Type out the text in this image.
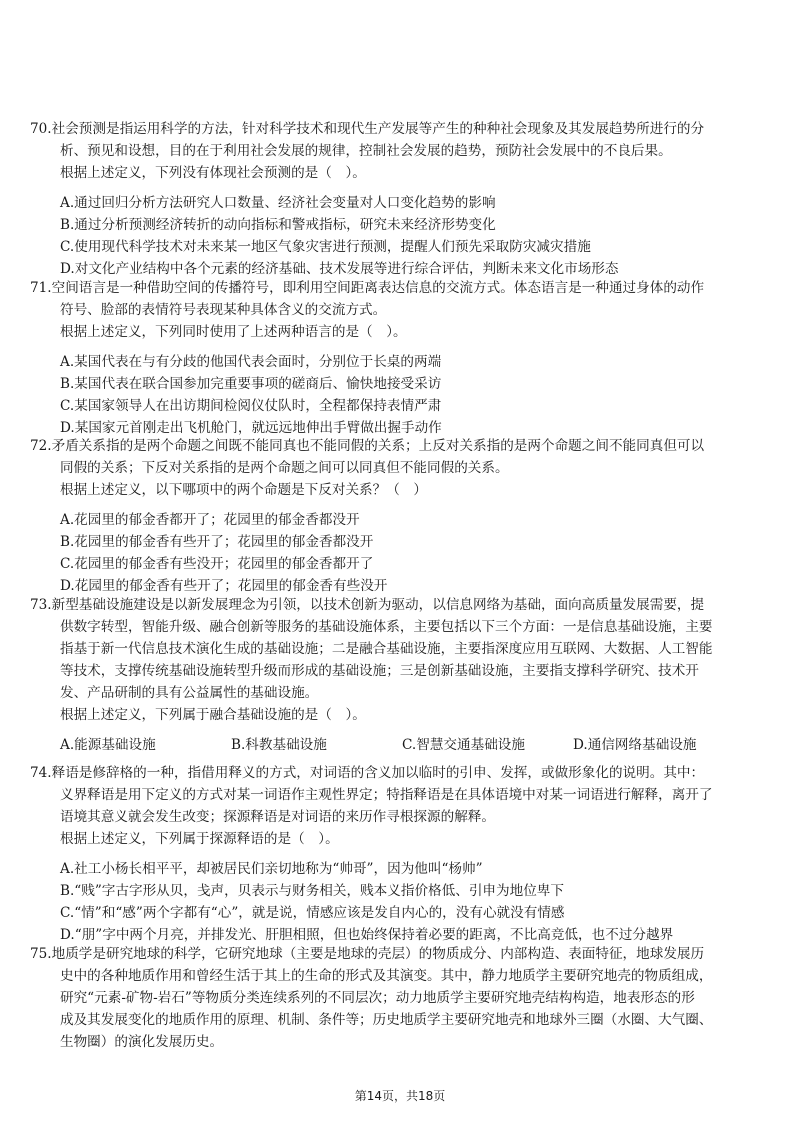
70.社会预测是指运用科学的方法，针对科学技术和现代生产发展等产生的种种社会现象及其发展趋势所进行的分
析、预见和设想，目的在于利用社会发展的规律，控制社会发展的趋势，预防社会发展中的不良后果。
根据上述定义，下列没有体现社会预测的是（　）。
A.通过回归分析方法研究人口数量、经济社会变量对人口变化趋势的影响
B.通过分析预测经济转折的动向指标和警戒指标，研究未来经济形势变化
C.使用现代科学技术对未来某一地区气象灾害进行预测，提醒人们预先采取防灾减灾措施
D.对文化产业结构中各个元素的经济基础、技术发展等进行综合评估，判断未来文化市场形态
71.空间语言是一种借助空间的传播符号，即利用空间距离表达信息的交流方式。体态语言是一种通过身体的动作
符号、脸部的表情符号表现某种具体含义的交流方式。
根据上述定义，下列同时使用了上述两种语言的是（　）。
A.某国代表在与有分歧的他国代表会面时，分别位于长桌的两端
B.某国代表在联合国参加完重要事项的磋商后、愉快地接受采访
C.某国家领导人在出访期间检阅仪仗队时，全程都保持表情严肃
D.某国家元首刚走出飞机舱门，就远远地伸出手臂做出握手动作
72.矛盾关系指的是两个命题之间既不能同真也不能同假的关系；上反对关系指的是两个命题之间不能同真但可以
同假的关系；下反对关系指的是两个命题之间可以同真但不能同假的关系。
根据上述定义，以下哪项中的两个命题是下反对关系？（　）
A.花园里的郁金香都开了；花园里的郁金香都没开
B.花园里的郁金香有些开了；花园里的郁金香都没开
C.花园里的郁金香有些没开；花园里的郁金香都开了
D.花园里的郁金香有些开了；花园里的郁金香有些没开
73.新型基础设施建设是以新发展理念为引领，以技术创新为驱动，以信息网络为基础，面向高质量发展需要，提
供数字转型，智能升级、融合创新等服务的基础设施体系，主要包括以下三个方面：一是信息基础设施，主要
指基于新一代信息技术演化生成的基础设施；二是融合基础设施，主要指深度应用互联网、大数据、人工智能
等技术，支撑传统基础设施转型升级而形成的基础设施；三是创新基础设施，主要指支撑科学研究、技术开
发、产品研制的具有公益属性的基础设施。
根据上述定义，下列属于融合基础设施的是（　）。
A.能源基础设施	B.科教基础设施	C.智慧交通基础设施	D.通信网络基础设施
74.释语是修辞格的一种，指借用释义的方式，对词语的含义加以临时的引申、发挥，或做形象化的说明。其中：
义界释语是用下定义的方式对某一词语作主观性界定；特指释语是在具体语境中对某一词语进行解释，离开了
语境其意义就会发生改变；探源释语是对词语的来历作寻根探源的解释。
根据上述定义，下列属于探源释语的是（　）。
A.社工小杨长相平平，却被居民们亲切地称为“帅哥”，因为他叫“杨帅”
B.“贱”字古字形从贝，戋声，贝表示与财务相关，贱本义指价格低、引申为地位卑下
C.“情”和“感”两个字都有“心”，就是说，情感应该是发自内心的，没有心就没有情感
D.“朋”字中两个月亮，并排发光、肝胆相照，但也始终保持着必要的距离，不比高竞低，也不过分越界
75.地质学是研究地球的科学，它研究地球（主要是地球的壳层）的物质成分、内部构造、表面特征，地球发展历
史中的各种地质作用和曾经生活于其上的生命的形式及其演变。其中，静力地质学主要研究地壳的物质组成，
研究“元素-矿物-岩石”等物质分类连续系列的不同层次；动力地质学主要研究地壳结构构造，地表形态的形
成及其发展变化的地质作用的原理、机制、条件等；历史地质学主要研究地壳和地球外三圈（水圈、大气圈、
生物圈）的演化发展历史。
第14页，共18页
